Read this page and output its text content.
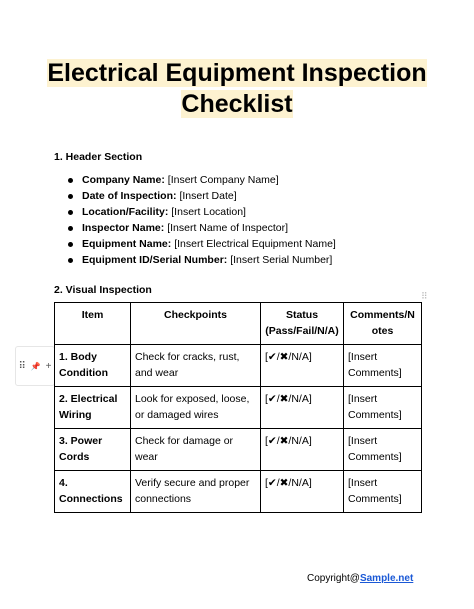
Electrical Equipment Inspection
Checklist
1. Header Section
Company Name: [Insert Company Name]
Date of Inspection: [Insert Date]
Location/Facility: [Insert Location]
Inspector Name: [Insert Name of Inspector]
Equipment Name: [Insert Electrical Equipment Name]
Equipment ID/Serial Number: [Insert Serial Number]
2. Visual Inspection	⠿
⠿ 📌 +
Item	Checkpoints	Status (Pass/Fail/N/A)	Comments/Notes
1. Body Condition	Check for cracks, rust, and wear	[✔/✖/N/A]	[Insert Comments]
2. Electrical Wiring	Look for exposed, loose, or damaged wires	[✔/✖/N/A]	[Insert Comments]
3. Power Cords	Check for damage or wear	[✔/✖/N/A]	[Insert Comments]
4. Connections	Verify secure and proper connections	[✔/✖/N/A]	[Insert Comments]
Copyright@Sample.net
